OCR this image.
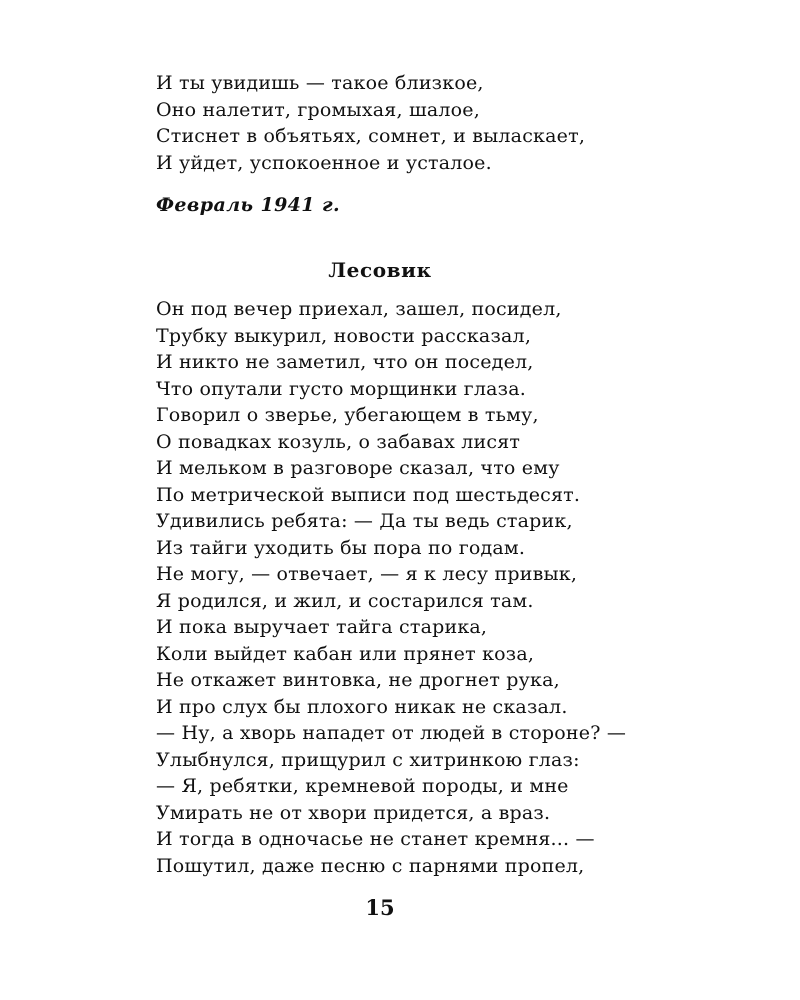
И ты увидишь — такое близкое,
Оно налетит, громыхая, шалое,
Стиснет в объятьях, сомнет, и выласкает,
И уйдет, успокоенное и усталое.
Февраль 1941 г.
Лесовик
Он под вечер приехал, зашел, посидел,
Трубку выкурил, новости рассказал,
И никто не заметил, что он поседел,
Что опутали густо морщинки глаза.
Говорил о зверье, убегающем в тьму,
О повадках козуль, о забавах лисят
И мельком в разговоре сказал, что ему
По метрической выписи под шестьдесят.
Удивились ребята: — Да ты ведь старик,
Из тайги уходить бы пора по годам.
Не могу, — отвечает, — я к лесу привык,
Я родился, и жил, и состарился там.
И пока выручает тайга старика,
Коли выйдет кабан или прянет коза,
Не откажет винтовка, не дрогнет рука,
И про слух бы плохого никак не сказал.
— Ну, а хворь нападет от людей в стороне? —
Улыбнулся, прищурил с хитринкою глаз:
— Я, ребятки, кремневой породы, и мне
Умирать не от хвори придется, а враз.
И тогда в одночасье не станет кремня... —
Пошутил, даже песню с парнями пропел,
15
